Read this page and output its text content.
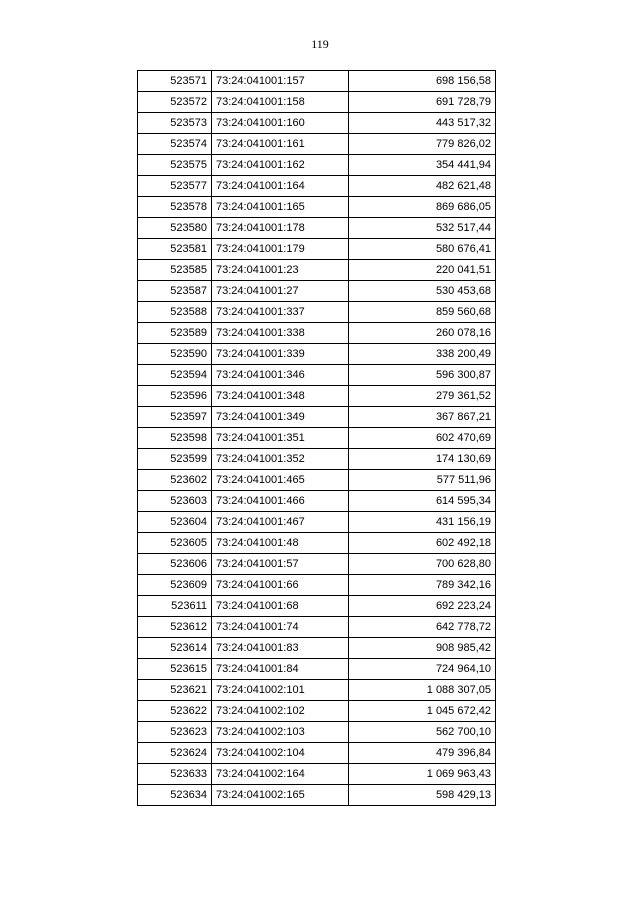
119
523571	73:24:041001:157	698 156,58
523572	73:24:041001:158	691 728,79
523573	73:24:041001:160	443 517,32
523574	73:24:041001:161	779 826,02
523575	73:24:041001:162	354 441,94
523577	73:24:041001:164	482 621,48
523578	73:24:041001:165	869 686,05
523580	73:24:041001:178	532 517,44
523581	73:24:041001:179	580 676,41
523585	73:24:041001:23	220 041,51
523587	73:24:041001:27	530 453,68
523588	73:24:041001:337	859 560,68
523589	73:24:041001:338	260 078,16
523590	73:24:041001:339	338 200,49
523594	73:24:041001:346	596 300,87
523596	73:24:041001:348	279 361,52
523597	73:24:041001:349	367 867,21
523598	73:24:041001:351	602 470,69
523599	73:24:041001:352	174 130,69
523602	73:24:041001:465	577 511,96
523603	73:24:041001:466	614 595,34
523604	73:24:041001:467	431 156,19
523605	73:24:041001:48	602 492,18
523606	73:24:041001:57	700 628,80
523609	73:24:041001:66	789 342,16
523611	73:24:041001:68	692 223,24
523612	73:24:041001:74	642 778,72
523614	73:24:041001:83	908 985,42
523615	73:24:041001:84	724 964,10
523621	73:24:041002:101	1 088 307,05
523622	73:24:041002:102	1 045 672,42
523623	73:24:041002:103	562 700,10
523624	73:24:041002:104	479 396,84
523633	73:24:041002:164	1 069 963,43
523634	73:24:041002:165	598 429,13
